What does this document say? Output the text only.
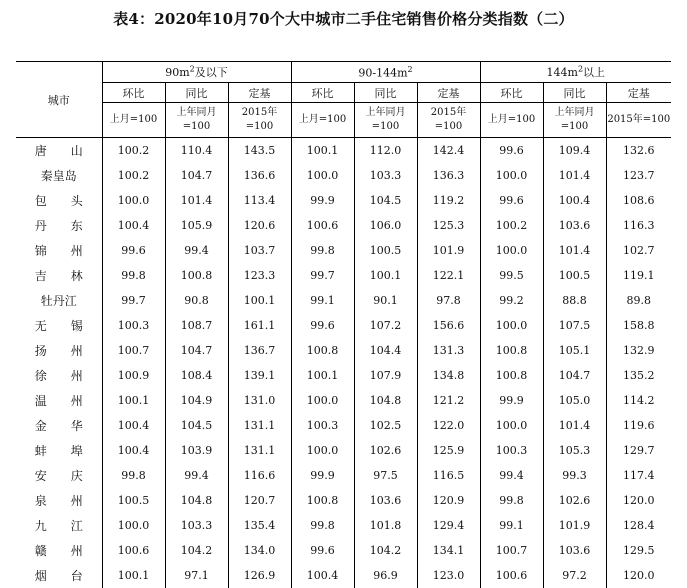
表4：2020年10月70个大中城市二手住宅销售价格分类指数（二）
城市	$90m^2$及以下			$90-144m^2$			$144m^2$以上		
	环比	同比	定基	环比	同比	定基	环比	同比	定基
	上月=100	上年同月=100	2015年=100	上月=100	上年同月=100	2015年=100	上月=100	上年同月=100	2015年=100
唐　　山	100.2	110.4	143.5	100.1	112.0	142.4	99.6	109.4	132.6
秦皇岛	100.2	104.7	136.6	100.0	103.3	136.3	100.0	101.4	123.7
包　　头	100.0	101.4	113.4	99.9	104.5	119.2	99.6	100.4	108.6
丹　　东	100.4	105.9	120.6	100.6	106.0	125.3	100.2	103.6	116.3
锦　　州	99.6	99.4	103.7	99.8	100.5	101.9	100.0	101.4	102.7
吉　　林	99.8	100.8	123.3	99.7	100.1	122.1	99.5	100.5	119.1
牡丹江	99.7	90.8	100.1	99.1	90.1	97.8	99.2	88.8	89.8
无　　锡	100.3	108.7	161.1	99.6	107.2	156.6	100.0	107.5	158.8
扬　　州	100.7	104.7	136.7	100.8	104.4	131.3	100.8	105.1	132.9
徐　　州	100.9	108.4	139.1	100.1	107.9	134.8	100.8	104.7	135.2
温　　州	100.1	104.9	131.0	100.0	104.8	121.2	99.9	105.0	114.2
金　　华	100.4	104.5	131.1	100.3	102.5	122.0	100.0	101.4	119.6
蚌　　埠	100.4	103.9	131.1	100.0	102.6	125.9	100.3	105.3	129.7
安　　庆	99.8	99.4	116.6	99.9	97.5	116.5	99.4	99.3	117.4
泉　　州	100.5	104.8	120.7	100.8	103.6	120.9	99.8	102.6	120.0
九　　江	100.0	103.3	135.4	99.8	101.8	129.4	99.1	101.9	128.4
赣　　州	100.6	104.2	134.0	99.6	104.2	134.1	100.7	103.6	129.5
烟　　台	100.1	97.1	126.9	100.4	96.9	123.0	100.6	97.2	120.0
